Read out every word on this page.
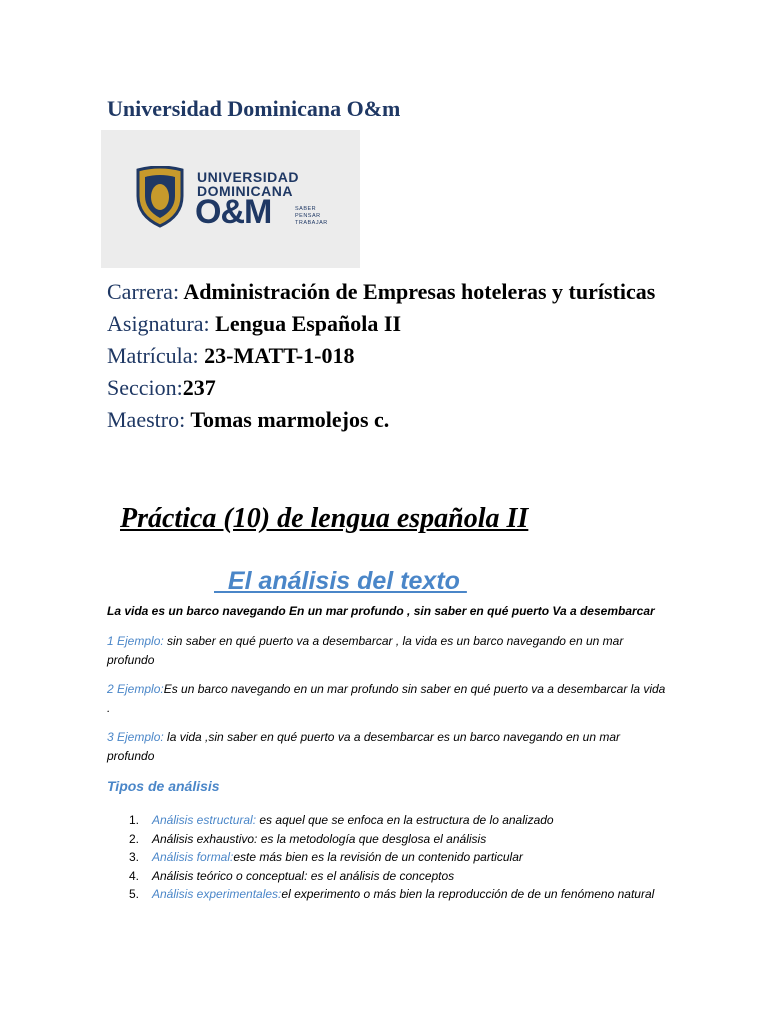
Universidad Dominicana O&m
UNIVERSIDAD
DOMINICANA
O&M	SABER
PENSAR
TRABAJAR
Carrera: Administración de Empresas hoteleras y turísticas
Asignatura: Lengua Española II
Matrícula: 23-MATT-1-018
Seccion:237
Maestro: Tomas marmolejos c.
Práctica (10) de lengua española II
El análisis del texto
La vida es un barco navegando En un mar profundo , sin saber en qué puerto Va a desembarcar
1 Ejemplo: sin saber en qué puerto va a desembarcar , la vida es un barco navegando en un mar profundo
2 Ejemplo:Es un barco navegando en un mar profundo sin saber en qué puerto va a desembarcar la vida .
3 Ejemplo: la vida ,sin saber en qué puerto va a desembarcar es un barco navegando en un mar profundo
Tipos de análisis
1. Análisis estructural: es aquel que se enfoca en la estructura de lo analizado
2. Análisis exhaustivo: es la metodología que desglosa el análisis
3. Análisis formal:este más bien es la revisión de un contenido particular
4. Análisis teórico o conceptual: es el análisis de conceptos
5. Análisis experimentales:el experimento o más bien la reproducción de de un fenómeno natural
